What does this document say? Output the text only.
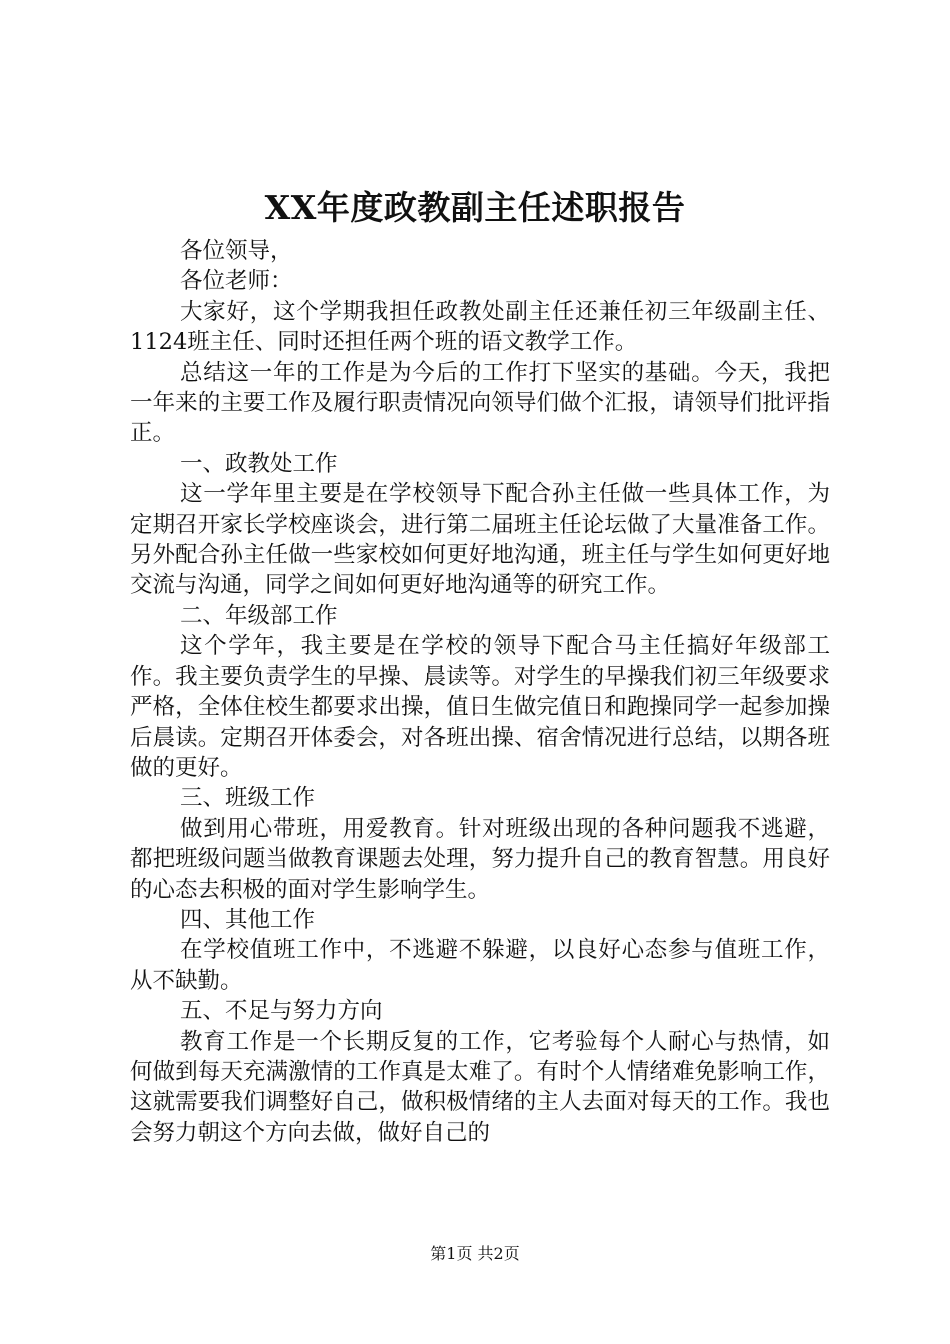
XX年度政教副主任述职报告

各位领导，

各位老师：

大家好，这个学期我担任政教处副主任还兼任初三年级副主任、1124班主任、同时还担任两个班的语文教学工作。

总结这一年的工作是为今后的工作打下坚实的基础。今天，我把一年来的主要工作及履行职责情况向领导们做个汇报，请领导们批评指正。

一、政教处工作

这一学年里主要是在学校领导下配合孙主任做一些具体工作，为定期召开家长学校座谈会，进行第二届班主任论坛做了大量准备工作。另外配合孙主任做一些家校如何更好地沟通，班主任与学生如何更好地交流与沟通，同学之间如何更好地沟通等的研究工作。

二、年级部工作

这个学年，我主要是在学校的领导下配合马主任搞好年级部工作。我主要负责学生的早操、晨读等。对学生的早操我们初三年级要求严格，全体住校生都要求出操，值日生做完值日和跑操同学一起参加操后晨读。定期召开体委会，对各班出操、宿舍情况进行总结，以期各班做的更好。

三、班级工作

做到用心带班，用爱教育。针对班级出现的各种问题我不逃避，都把班级问题当做教育课题去处理，努力提升自己的教育智慧。用良好的心态去积极的面对学生影响学生。

四、其他工作

在学校值班工作中，不逃避不躲避，以良好心态参与值班工作，从不缺勤。

五、不足与努力方向

教育工作是一个长期反复的工作，它考验每个人耐心与热情，如何做到每天充满激情的工作真是太难了。有时个人情绪难免影响工作，这就需要我们调整好自己，做积极情绪的主人去面对每天的工作。我也会努力朝这个方向去做，做好自己的

第1页 共2页
